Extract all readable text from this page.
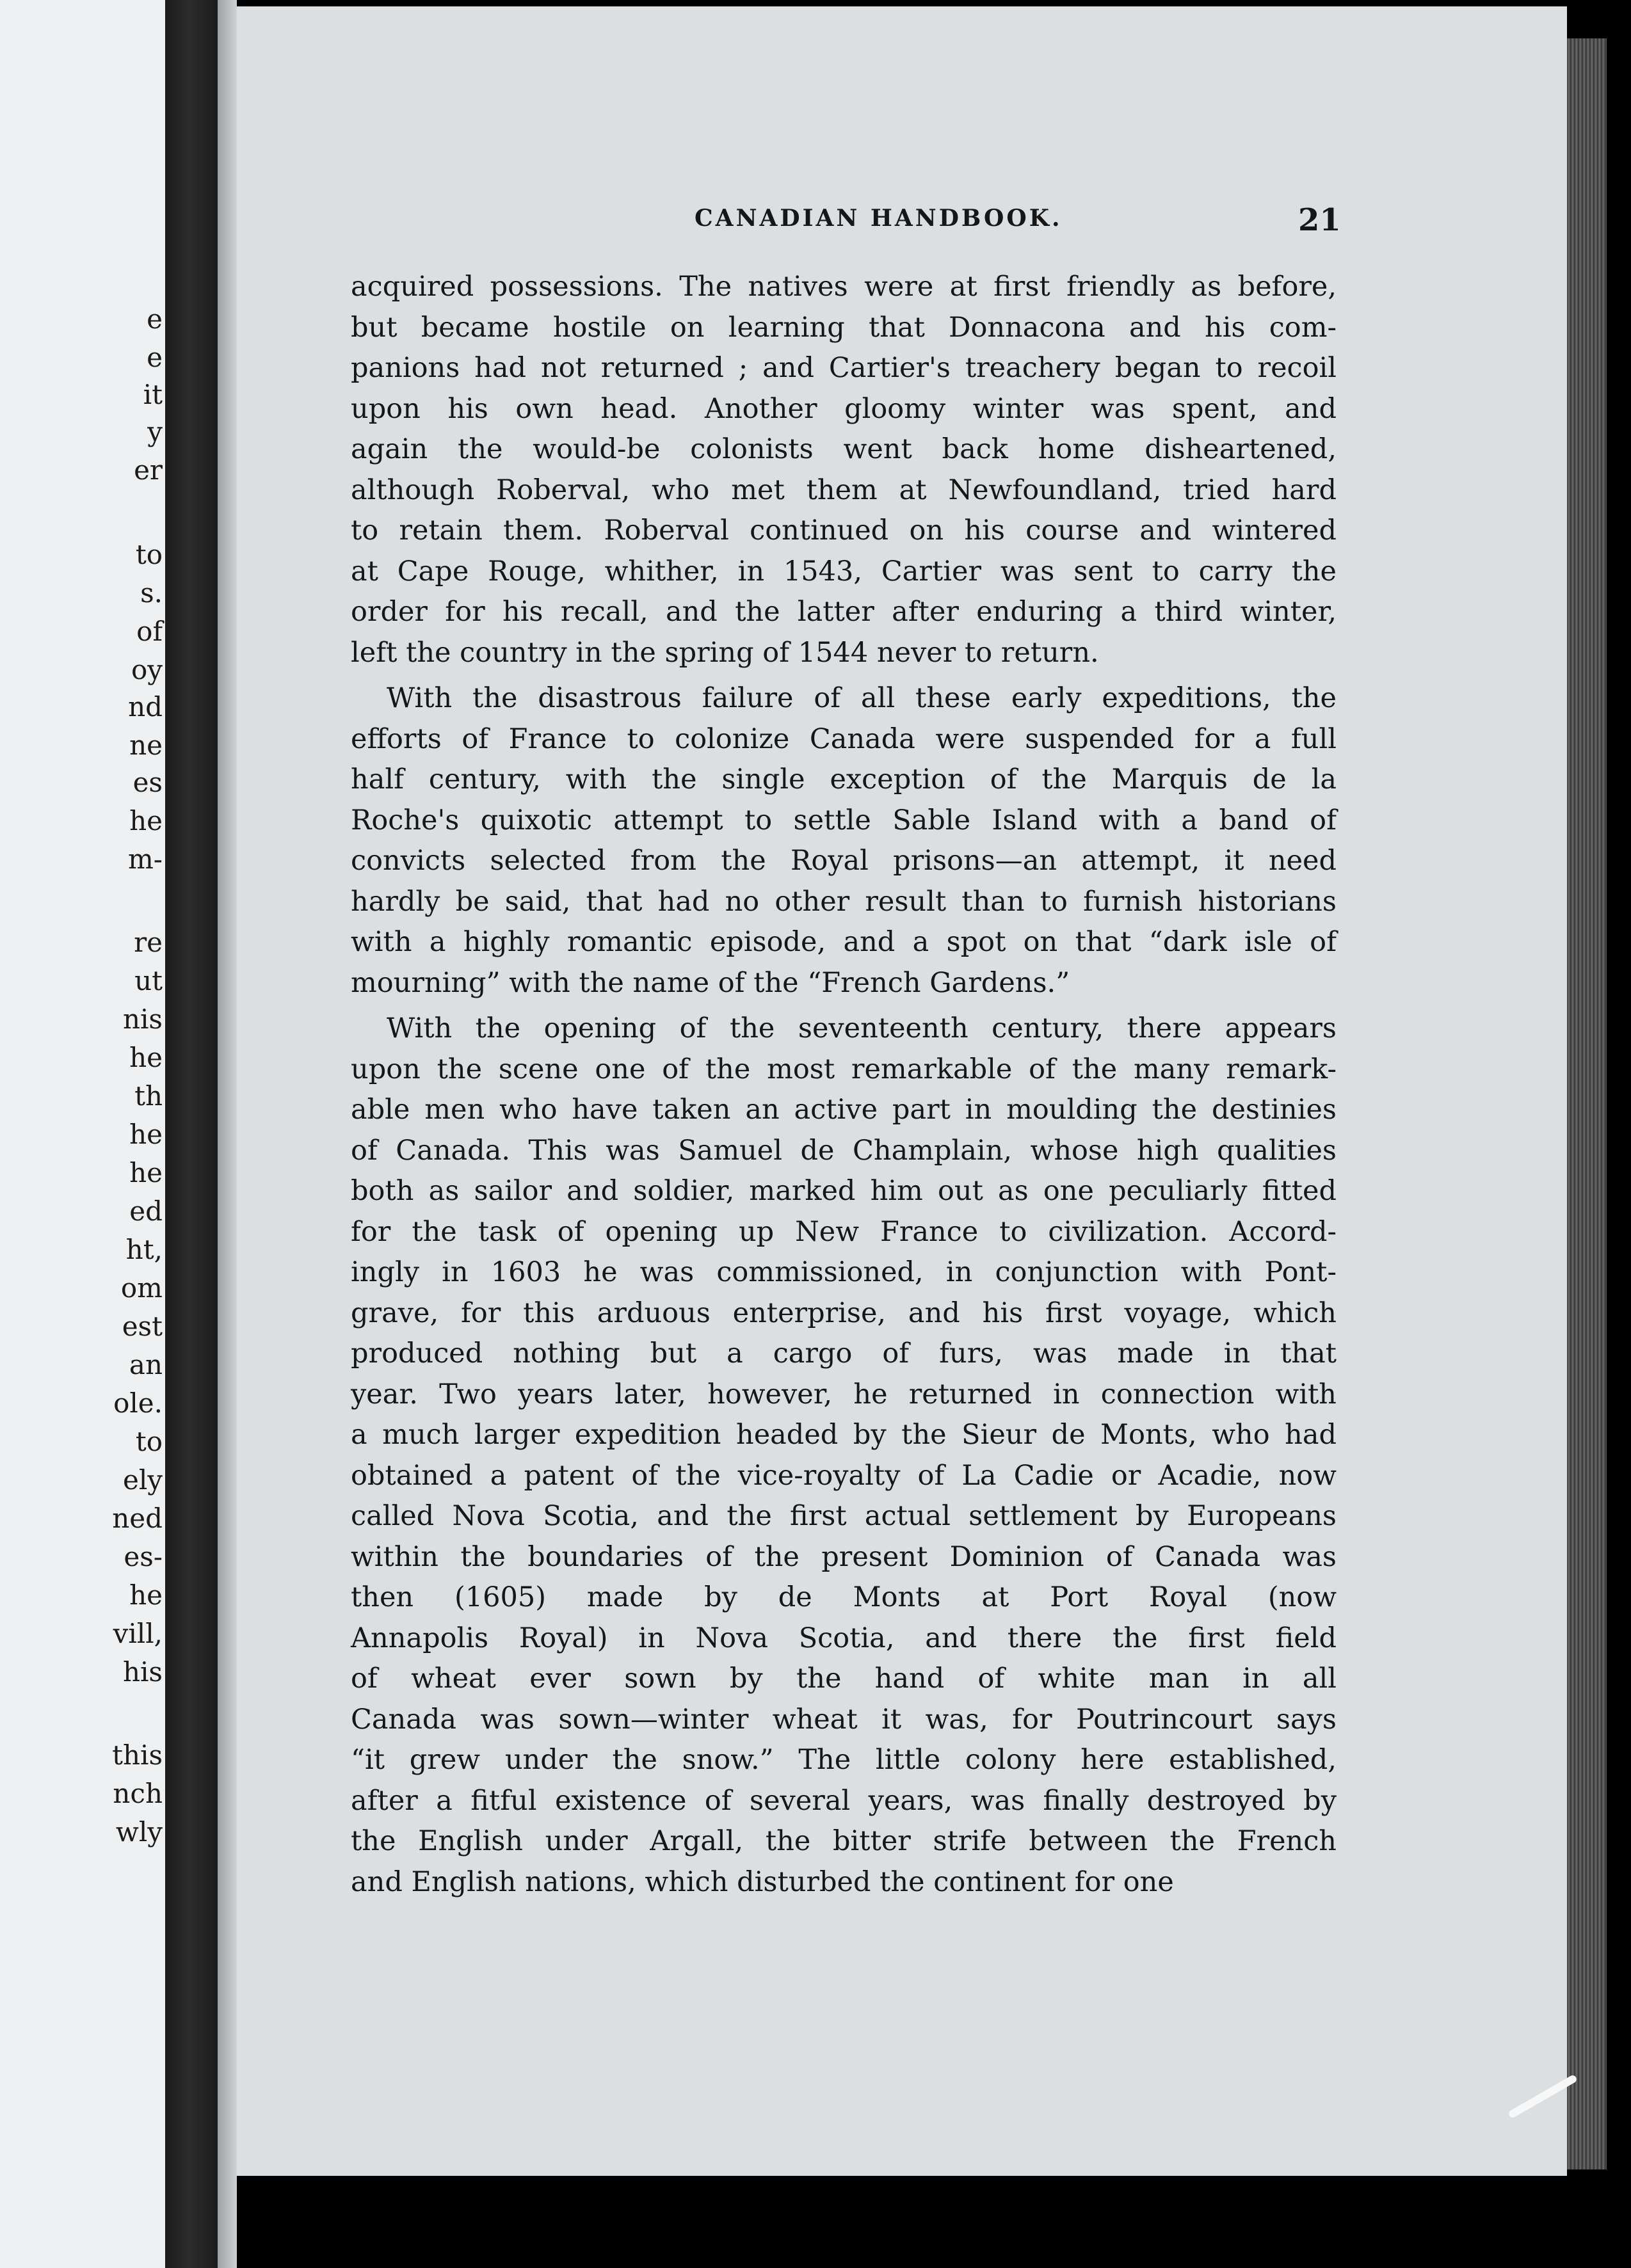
e
e
it
y
er
to
s.
of
oy
nd
ne
es
he
m-
re
ut
nis
he
th
he
he
ed
ht,
om
est
an
ole.
to
ely
ned
es-
he
vill,
his
this
nch
wly
CANADIAN HANDBOOK.	21
acquired possessions. The natives were at first friendly as before,
but became hostile on learning that Donnacona and his com-
panions had not returned ; and Cartier's treachery began to recoil
upon his own head. Another gloomy winter was spent, and
again the would-be colonists went back home disheartened,
although Roberval, who met them at Newfoundland, tried hard
to retain them. Roberval continued on his course and wintered
at Cape Rouge, whither, in 1543, Cartier was sent to carry the
order for his recall, and the latter after enduring a third winter,
left the country in the spring of 1544 never to return.
With the disastrous failure of all these early expeditions, the
efforts of France to colonize Canada were suspended for a full
half century, with the single exception of the Marquis de la
Roche's quixotic attempt to settle Sable Island with a band of
convicts selected from the Royal prisons—an attempt, it need
hardly be said, that had no other result than to furnish historians
with a highly romantic episode, and a spot on that “dark isle of
mourning” with the name of the “French Gardens.”
With the opening of the seventeenth century, there appears
upon the scene one of the most remarkable of the many remark-
able men who have taken an active part in moulding the destinies
of Canada. This was Samuel de Champlain, whose high qualities
both as sailor and soldier, marked him out as one peculiarly fitted
for the task of opening up New France to civilization. Accord-
ingly in 1603 he was commissioned, in conjunction with Pont-
grave, for this arduous enterprise, and his first voyage, which
produced nothing but a cargo of furs, was made in that
year. Two years later, however, he returned in connection with
a much larger expedition headed by the Sieur de Monts, who had
obtained a patent of the vice-royalty of La Cadie or Acadie, now
called Nova Scotia, and the first actual settlement by Europeans
within the boundaries of the present Dominion of Canada was
then (1605) made by de Monts at Port Royal (now
Annapolis Royal) in Nova Scotia, and there the first field
of wheat ever sown by the hand of white man in all
Canada was sown—winter wheat it was, for Poutrincourt says
“it grew under the snow.” The little colony here established,
after a fitful existence of several years, was finally destroyed by
the English under Argall, the bitter strife between the French
and English nations, which disturbed the continent for one
